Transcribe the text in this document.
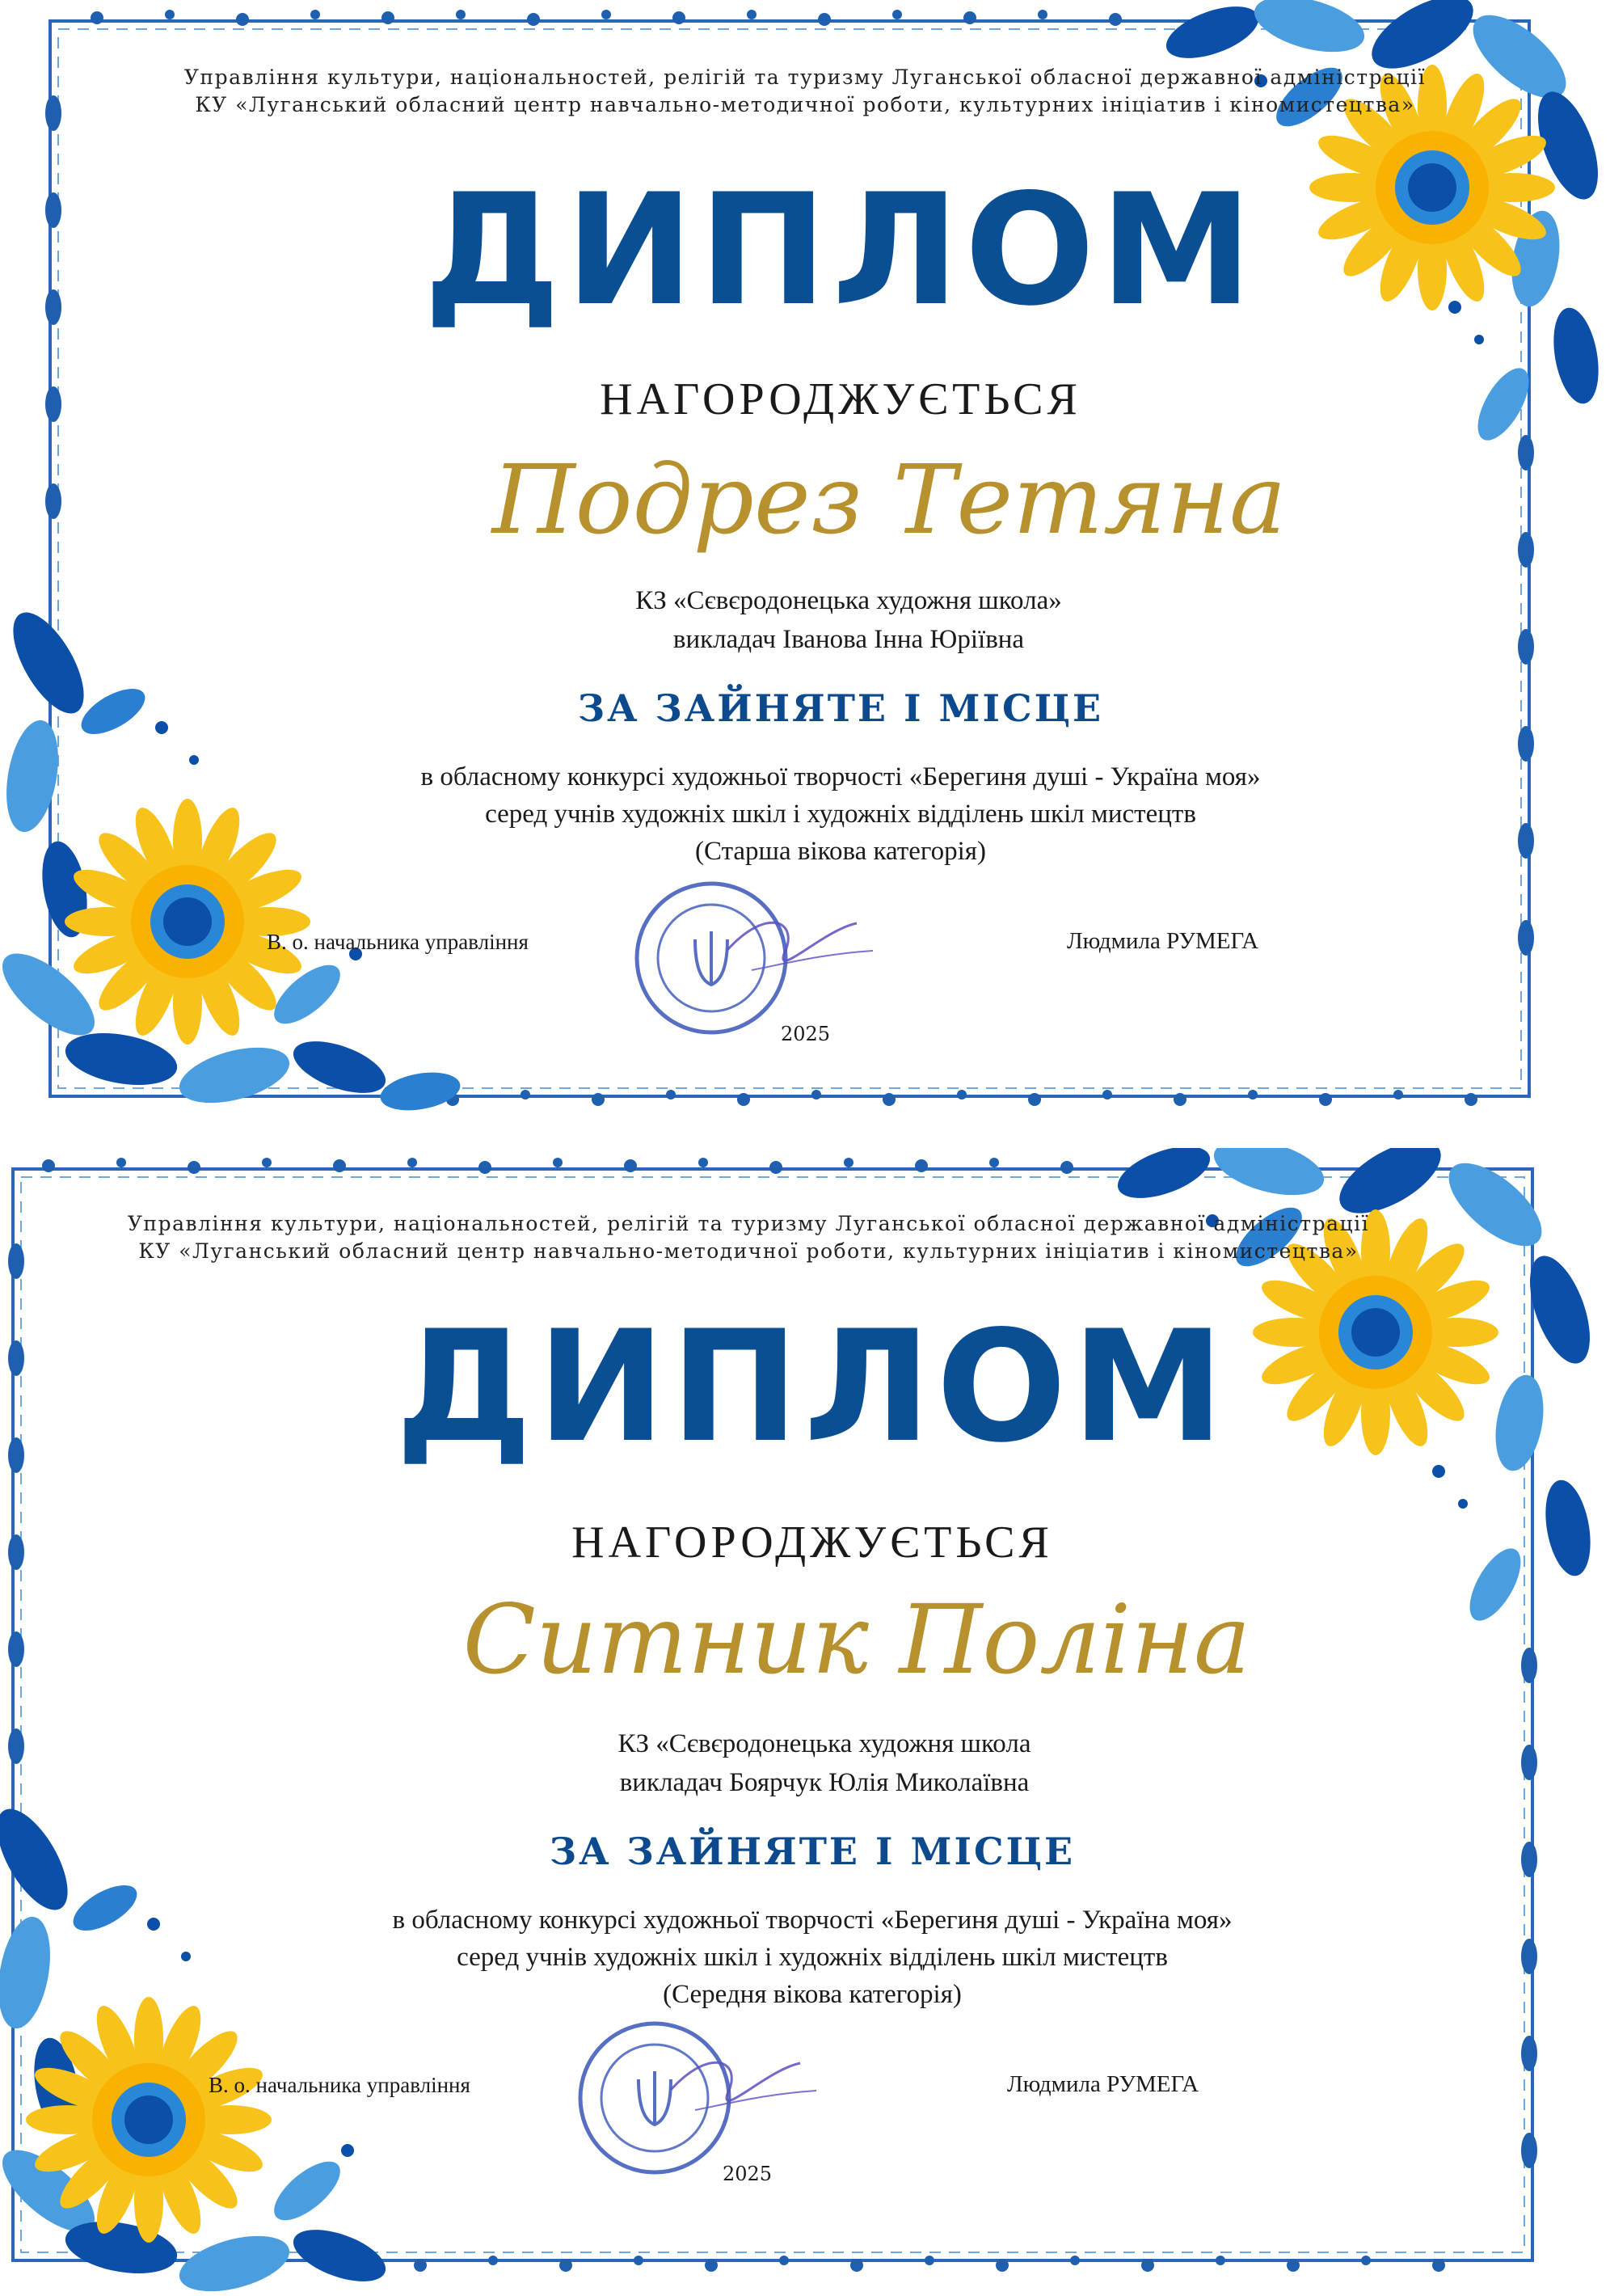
Управління культури, національностей, релігій та туризму Луганської обласної державної адміністрації
КУ «Луганський обласний центр навчально-методичної роботи, культурних ініціатив і кіномистецтва»
ДИПЛОМ
НАГОРОДЖУЄТЬСЯ
Подрез Тетяна
КЗ «Сєвєродонецька художня школа»
викладач Іванова Інна Юріївна
ЗА ЗАЙНЯТЕ І МІСЦЕ
в обласному конкурсі художньої творчості «Берегиня душі - Україна моя»
серед учнів художніх шкіл і художніх відділень шкіл мистецтв
(Старша вікова категорія)
В. о. начальника управління	Людмила РУМЕГА
2025
Управління культури, національностей, релігій та туризму Луганської обласної державної адміністрації
КУ «Луганський обласний центр навчально-методичної роботи, культурних ініціатив і кіномистецтва»
ДИПЛОМ
НАГОРОДЖУЄТЬСЯ
Ситник Поліна
КЗ «Сєвєродонецька художня школа
викладач Боярчук Юлія Миколаївна
ЗА ЗАЙНЯТЕ І МІСЦЕ
в обласному конкурсі художньої творчості «Берегиня душі - Україна моя»
серед учнів художніх шкіл і художніх відділень шкіл мистецтв
(Середня вікова категорія)
В. о. начальника управління	Людмила РУМЕГА
2025
